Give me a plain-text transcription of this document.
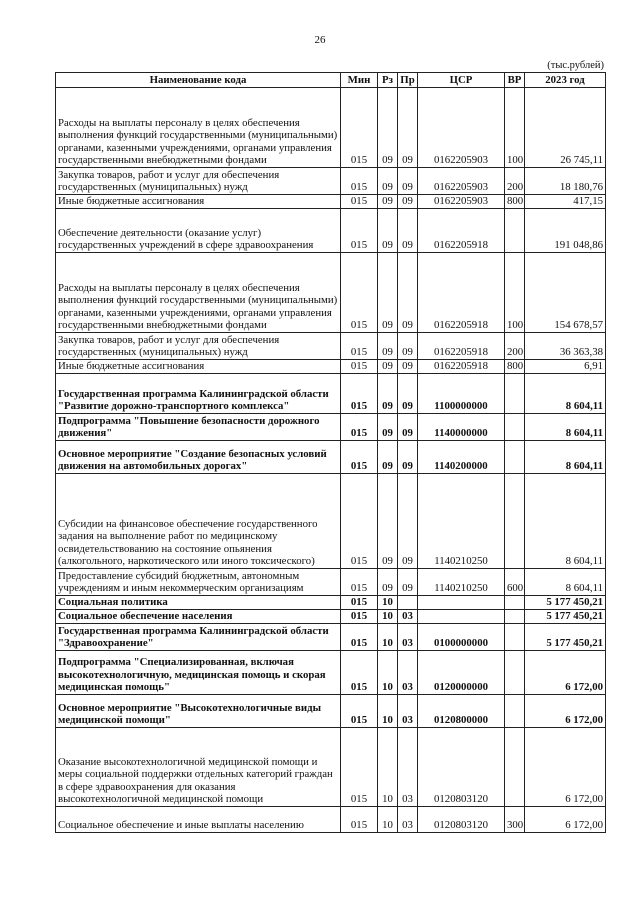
26
(тыс.рублей)
Наименование кода	Мин	Рз	Пр	ЦСР	ВР	2023 год
Расходы на выплаты персоналу в целях обеспечения выполнения функций государственными (муниципальными) органами, казенными учреждениями, органами управления государственными внебюджетными фондами	015	09	09	0162205903	100	26 745,11
Закупка товаров, работ и услуг для обеспечения государственных (муниципальных) нужд	015	09	09	0162205903	200	18 180,76
Иные бюджетные ассигнования	015	09	09	0162205903	800	417,15
Обеспечение деятельности (оказание услуг) государственных учреждений в сфере здравоохранения	015	09	09	0162205918		191 048,86
Расходы на выплаты персоналу в целях обеспечения выполнения функций государственными (муниципальными) органами, казенными учреждениями, органами управления государственными внебюджетными фондами	015	09	09	0162205918	100	154 678,57
Закупка товаров, работ и услуг для обеспечения государственных (муниципальных) нужд	015	09	09	0162205918	200	36 363,38
Иные бюджетные ассигнования	015	09	09	0162205918	800	6,91
Государственная программа Калининградской области "Развитие дорожно-транспортного комплекса"	015	09	09	1100000000		8 604,11
Подпрограмма "Повышение безопасности дорожного движения"	015	09	09	1140000000		8 604,11
Основное мероприятие "Создание безопасных условий движения на автомобильных дорогах"	015	09	09	1140200000		8 604,11
Субсидии на финансовое обеспечение государственного задания на выполнение работ по медицинскому освидетельствованию на состояние опьянения (алкогольного, наркотического или иного токсического)	015	09	09	1140210250		8 604,11
Предоставление субсидий бюджетным, автономным учреждениям и иным некоммерческим организациям	015	09	09	1140210250	600	8 604,11
Социальная политика	015	10				5 177 450,21
Социальное обеспечение населения	015	10	03			5 177 450,21
Государственная программа Калининградской области "Здравоохранение"	015	10	03	0100000000		5 177 450,21
Подпрограмма "Специализированная, включая высокотехнологичную, медицинская помощь и скорая медицинская помощь"	015	10	03	0120000000		6 172,00
Основное мероприятие "Высокотехнологичные виды медицинской помощи"	015	10	03	0120800000		6 172,00
Оказание высокотехнологичной медицинской помощи и меры социальной поддержки отдельных категорий граждан в сфере здравоохранения для оказания высокотехнологичной медицинской помощи	015	10	03	0120803120		6 172,00
Социальное обеспечение и иные выплаты населению	015	10	03	0120803120	300	6 172,00
